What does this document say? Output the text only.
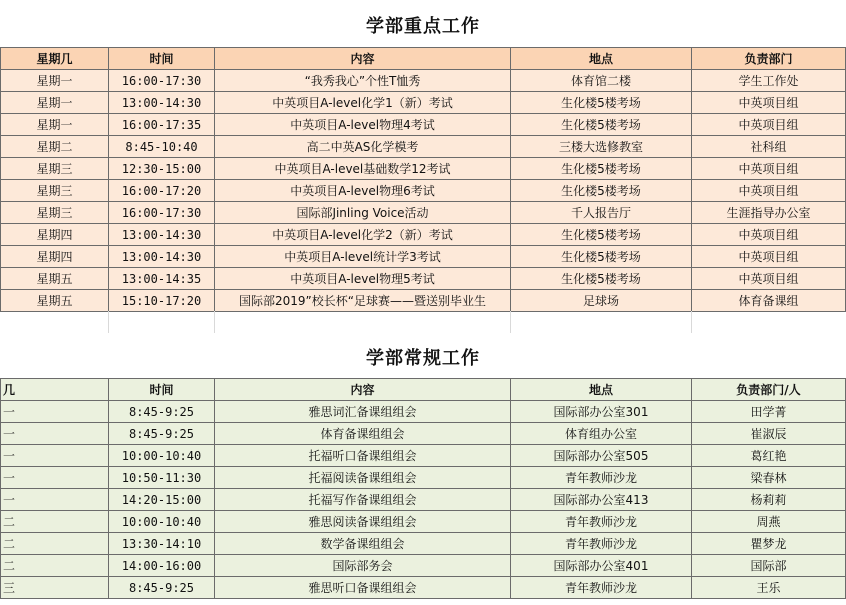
学部重点工作
星期几	时间	内容	地点	负责部门
星期一	16:00-17:30	“我秀我心”个性T恤秀	体育馆二楼	学生工作处
星期一	13:00-14:30	中英项目A-level化学1（新）考试	生化楼5楼考场	中英项目组
星期一	16:00-17:35	中英项目A-level物理4考试	生化楼5楼考场	中英项目组
星期二	8:45-10:40	高二中英AS化学模考	三楼大选修教室	社科组
星期三	12:30-15:00	中英项目A-level基础数学12考试	生化楼5楼考场	中英项目组
星期三	16:00-17:20	中英项目A-level物理6考试	生化楼5楼考场	中英项目组
星期三	16:00-17:30	国际部Jinling Voice活动	千人报告厅	生涯指导办公室
星期四	13:00-14:30	中英项目A-level化学2（新）考试	生化楼5楼考场	中英项目组
星期四	13:00-14:30	中英项目A-level统计学3考试	生化楼5楼考场	中英项目组
星期五	13:00-14:35	中英项目A-level物理5考试	生化楼5楼考场	中英项目组
星期五	15:10-17:20	国际部2019”校长杯“足球赛——暨送别毕业生	足球场	体育备课组
学部常规工作
几	时间	内容	地点	负责部门/人
一	8:45-9:25	雅思词汇备课组组会	国际部办公室301	田学菁
一	8:45-9:25	体育备课组组会	体育组办公室	崔淑辰
一	10:00-10:40	托福听口备课组组会	国际部办公室505	葛红艳
一	10:50-11:30	托福阅读备课组组会	青年教师沙龙	梁春林
一	14:20-15:00	托福写作备课组组会	国际部办公室413	杨莉莉
二	10:00-10:40	雅思阅读备课组组会	青年教师沙龙	周燕
二	13:30-14:10	数学备课组组会	青年教师沙龙	瞿梦龙
二	14:00-16:00	国际部务会	国际部办公室401	国际部
三	8:45-9:25	雅思听口备课组组会	青年教师沙龙	王乐
